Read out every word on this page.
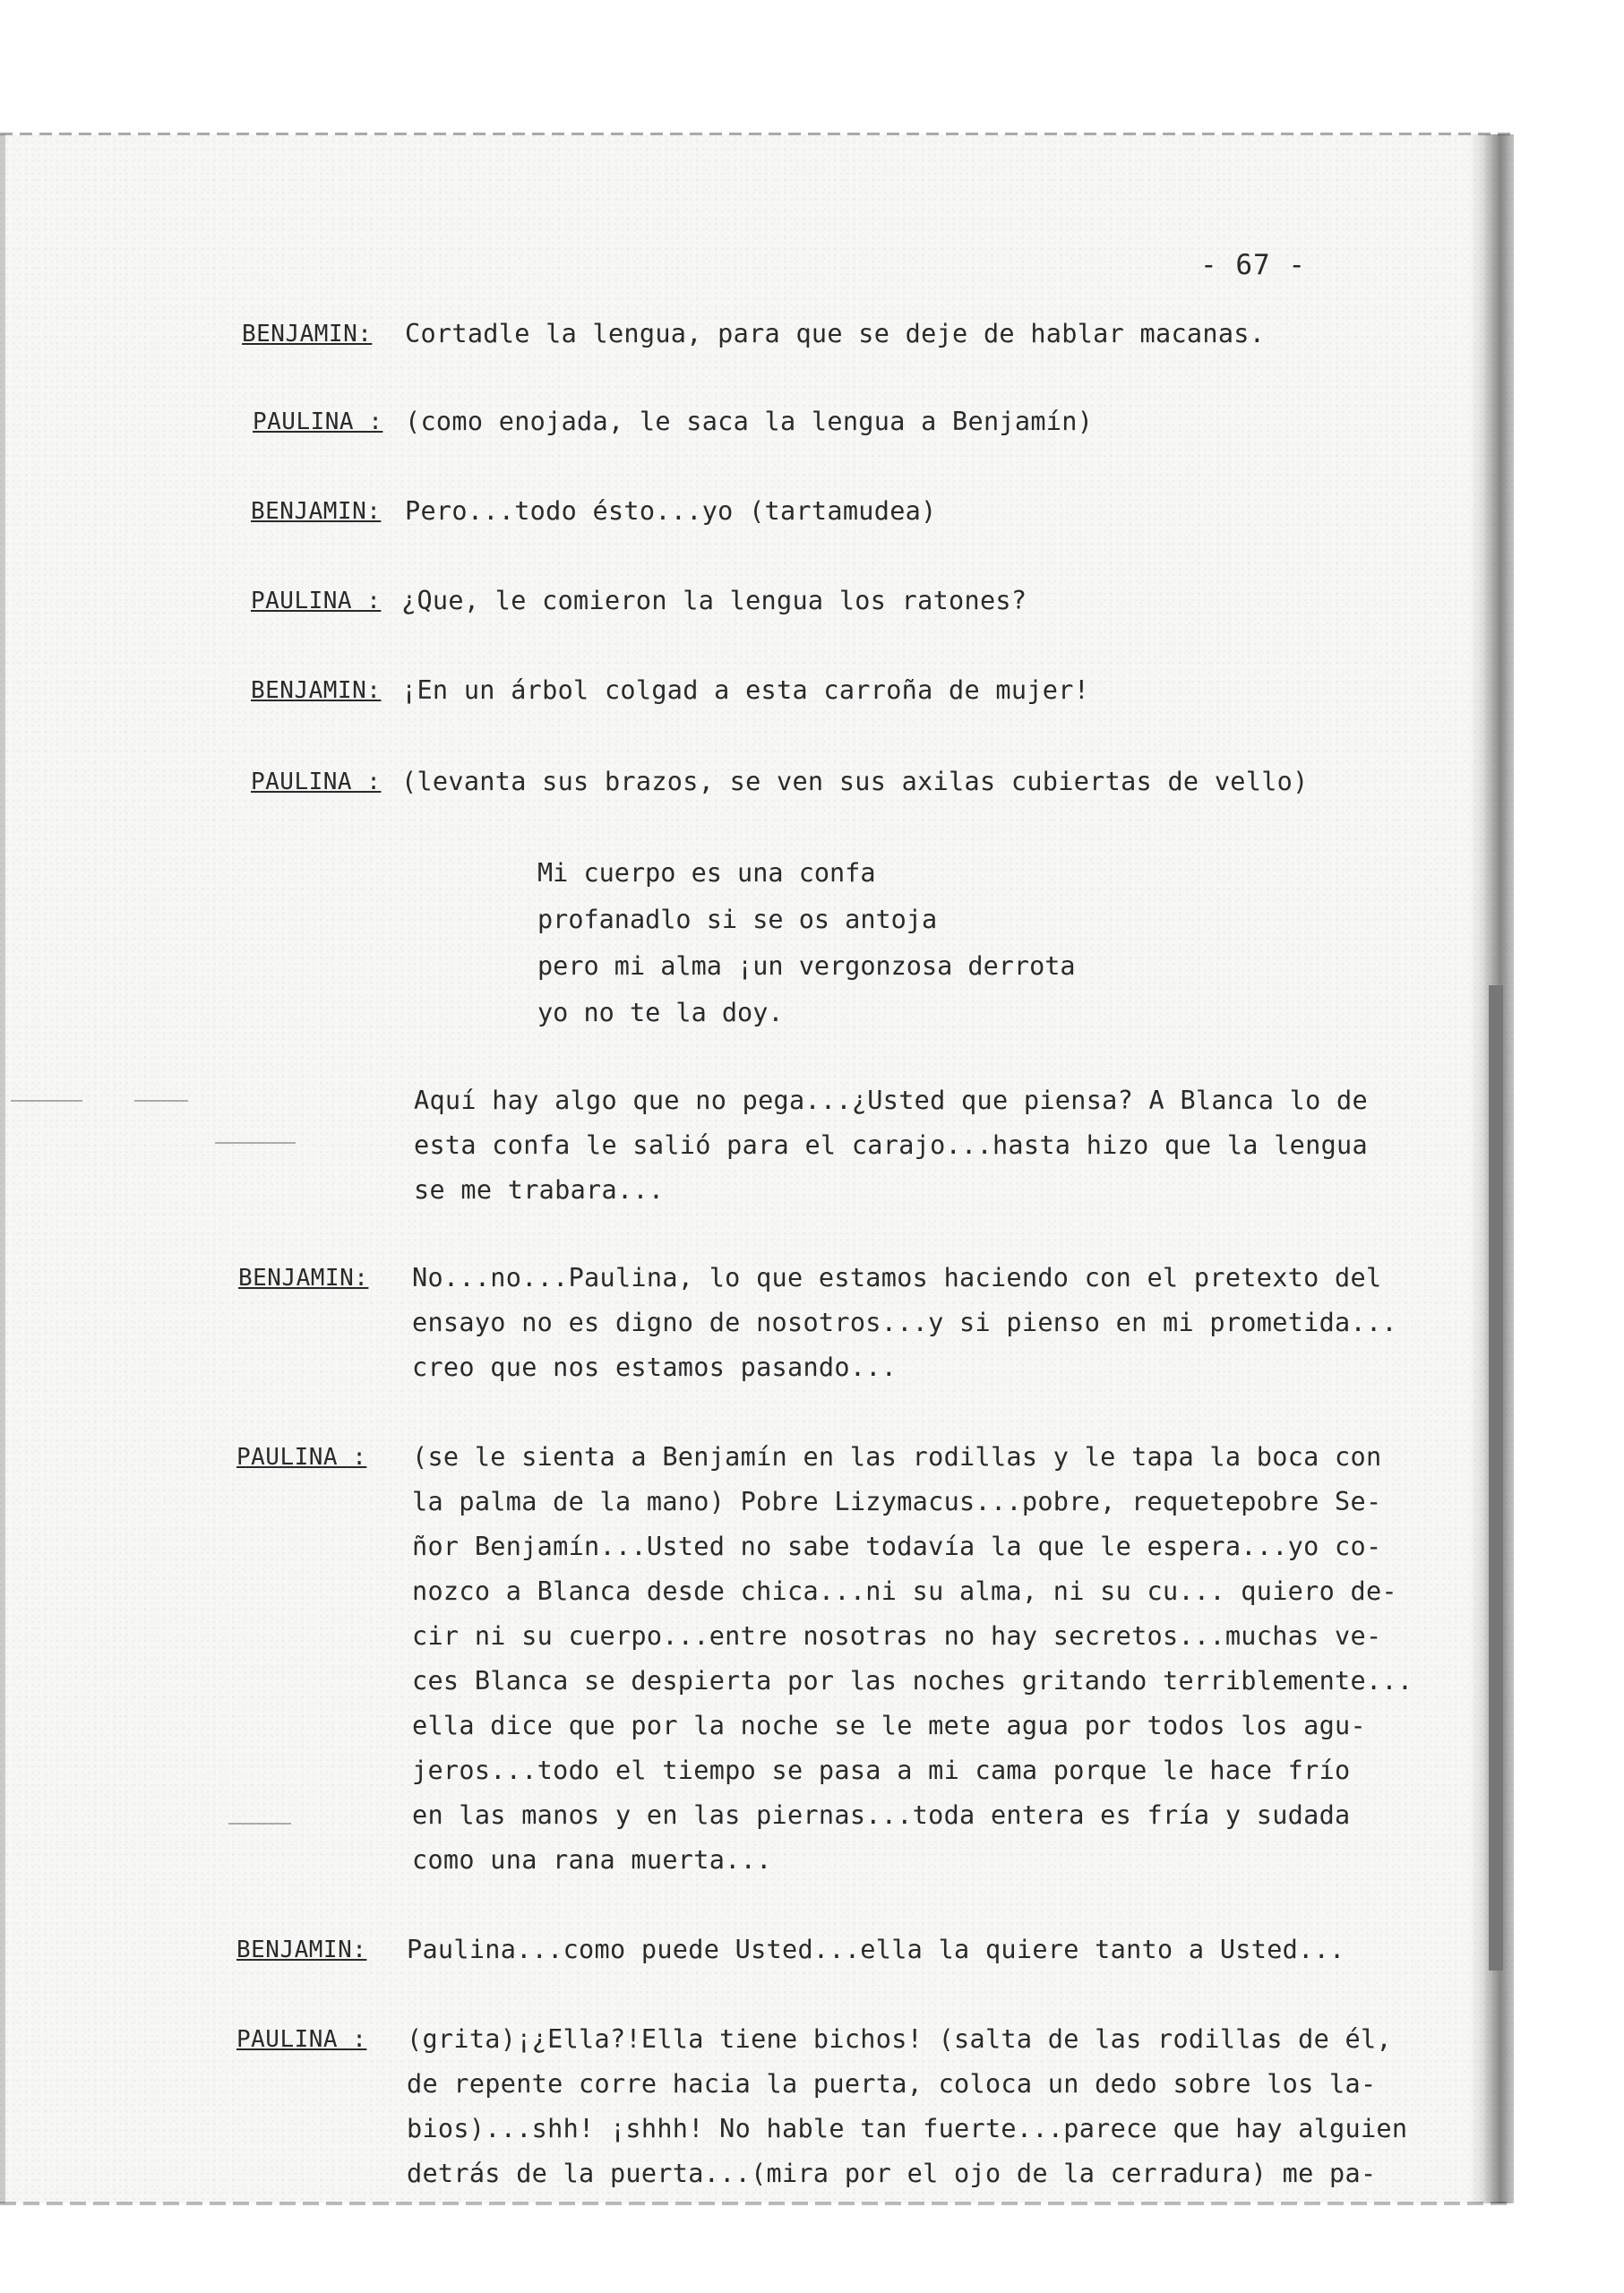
- 67 -
BENJAMIN: Cortadle la lengua, para que se deje de hablar macanas.
PAULINA : (como enojada, le saca la lengua a Benjamín)
BENJAMIN: Pero...todo ésto...yo (tartamudea)
PAULINA : ¿Que, le comieron la lengua los ratones?
BENJAMIN: ¡En un árbol colgad a esta carroña de mujer!
PAULINA : (levanta sus brazos, se ven sus axilas cubiertas de vello)
Mi cuerpo es una confa
profanadlo si se os antoja
pero mi alma ¡un vergonzosa derrota
yo no te la doy.
Aquí hay algo que no pega...¿Usted que piensa? A Blanca lo de
esta confa le salió para el carajo...hasta hizo que la lengua
se me trabara...
BENJAMIN: No...no...Paulina, lo que estamos haciendo con el pretexto del
ensayo no es digno de nosotros...y si pienso en mi prometida...
creo que nos estamos pasando...
PAULINA : (se le sienta a Benjamín en las rodillas y le tapa la boca con
la palma de la mano) Pobre Lizymacus...pobre, requetepobre Se-
ñor Benjamín...Usted no sabe todavía la que le espera...yo co-
nozco a Blanca desde chica...ni su alma, ni su cu... quiero de-
cir ni su cuerpo...entre nosotras no hay secretos...muchas ve-
ces Blanca se despierta por las noches gritando terriblemente...
ella dice que por la noche se le mete agua por todos los agu-
jeros...todo el tiempo se pasa a mi cama porque le hace frío
en las manos y en las piernas...toda entera es fría y sudada
como una rana muerta...
BENJAMIN: Paulina...como puede Usted...ella la quiere tanto a Usted...
PAULINA : (grita)¡¿Ella?!Ella tiene bichos! (salta de las rodillas de él,
de repente corre hacia la puerta, coloca un dedo sobre los la-
bios)...shh! ¡shhh! No hable tan fuerte...parece que hay alguien
detrás de la puerta...(mira por el ojo de la cerradura) me pa-
